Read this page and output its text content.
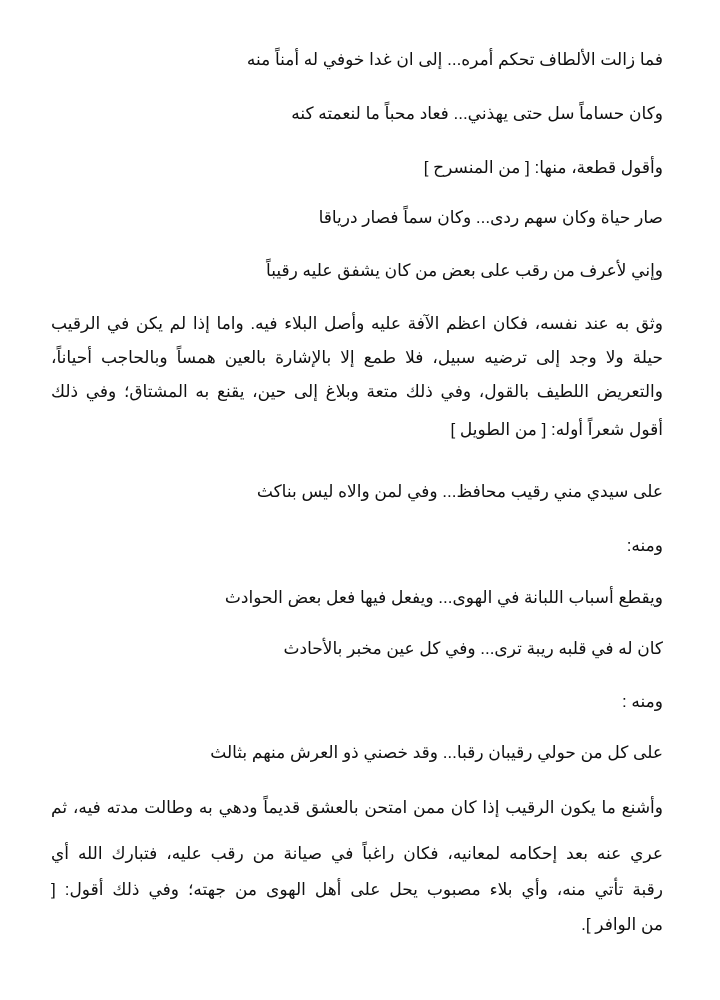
فما زالت الألطاف تحكم أمره... إلى ان غدا خوفي له أمناً منه
وكان حساماً سل حتى يهذني... فعاد محباً ما لنعمته كنه
وأقول قطعة، منها: [ من المنسرح ]
صار حياة وكان سهم ردى... وكان سماً فصار درياقا
وإني لأعرف من رقب على بعض من كان يشفق عليه رقيباً
وثق به عند نفسه، فكان اعظم الآفة عليه وأصل البلاء فيه. واما إذا لم يكن في الرقيب
حيلة ولا وجد إلى ترضيه سبيل، فلا طمع إلا بالإشارة بالعين همساً وبالحاجب أحياناً،
والتعريض اللطيف بالقول، وفي ذلك متعة وبلاغ إلى حين، يقنع به المشتاق؛ وفي ذلك
أقول شعراً أوله: [ من الطويل ]
على سيدي مني رقيب محافظ... وفي لمن والاه ليس بناكث
ومنه:
ويقطع أسباب اللبانة في الهوى... ويفعل فيها فعل بعض الحوادث
كان له في قلبه ريبة ترى... وفي كل عين مخبر بالأحادث
ومنه :
على كل من حولي رقيبان رقبا... وقد خصني ذو العرش منهم بثالث
وأشنع ما يكون الرقيب إذا كان ممن امتحن بالعشق قديماً ودهي به وطالت مدته فيه، ثم
عري عنه بعد إحكامه لمعانيه، فكان راغباً في صيانة من رقب عليه، فتبارك الله أي
رقبة تأتي منه، وأي بلاء مصبوب يحل على أهل الهوى من جهته؛ وفي ذلك أقول: [
من الوافر ].
